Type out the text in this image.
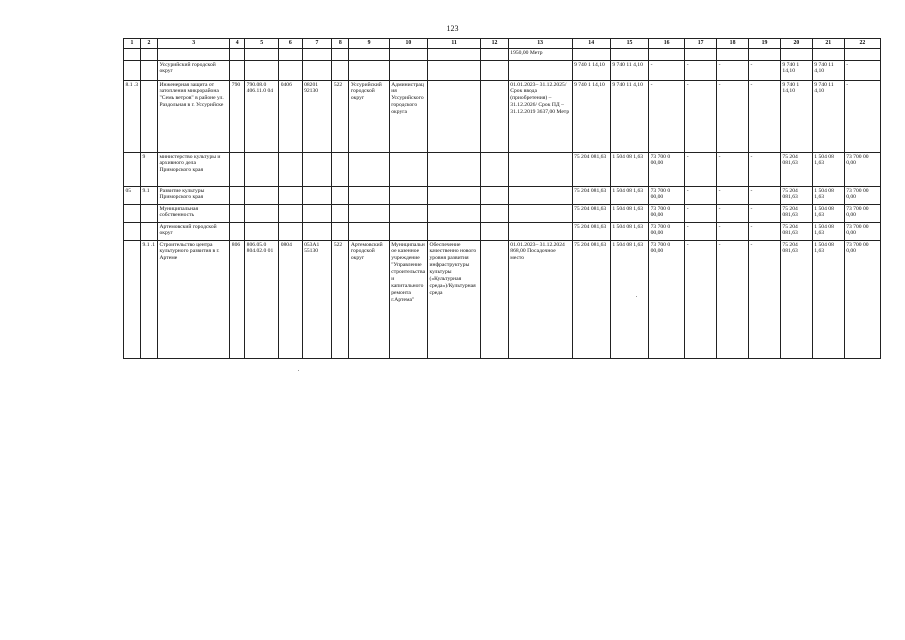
123
1	2	3	4	5	6	7	8	9	10	11	12	13	14	15	16	17	18	19	20	21	22
												1950,00 Метр									
		Уссурийский городской округ											9 740 1 14,10	9 740 11 4,10	-	-	-	-	9 740 1 14,10	9 740 11 4,10	-
8.1 .3		Инженерная защита от затопления микрорайона "Семь ветров" в районе ул. Раздольная в г. Уссурийске	790	790.08.0 406.11.0 04	0406	08201 92130	522	Уссурийский городской округ	Администрация Уссурийского городского округа			01.01.2023– 31.12.2025/ Срок ввода (приобретения) – 31.12.2026/ Срок ПД – 31.12.2019 3637,00 Метр	9 740 1 14,10	9 740 11 4,10	-	-	-	-	9 740 1 14,10	9 740 11 4,10	-
	9	министерство культуры и архивного дела Приморского края											75 204 081,63	1 504 08 1,63	73 700 0 00,00	-	-	-	75 204 081,63	1 504 08 1,63	73 700 00 0,00
05	9.1	Развитие культуры Приморского края											75 204 081,63	1 504 08 1,63	73 700 0 00,00	-	-	-	75 204 081,63	1 504 08 1,63	73 700 00 0,00
		Муниципальная собственность											75 204 081,63	1 504 08 1,63	73 700 0 00,00	-	-	-	75 204 081,63	1 504 08 1,63	73 700 00 0,00
		Артемовский городской округ											75 204 081,63	1 504 08 1,63	73 700 0 00,00	-	-	-	75 204 081,63	1 504 08 1,63	73 700 00 0,00
	9.1 .1	Строительство центра культурного развития в г. Артеме	806	806.05.0 804.02.0 01	0804	053А1 55130	522	Артемовский городской округ	Муниципальное казенное учреждение "Управление строительства и капитального ремонта г.Артема"	Обеспечение качественно нового уровня развития инфраструктуры культуры («Культурная среда»)/Культурная среда		01.01.2023– 31.12.2024 868,00 Посадочное место	75 204 081,63	1 504 08 1,63	73 700 0 00,00	-	-	-	75 204 081,63	1 504 08 1,63	73 700 00 0,00
